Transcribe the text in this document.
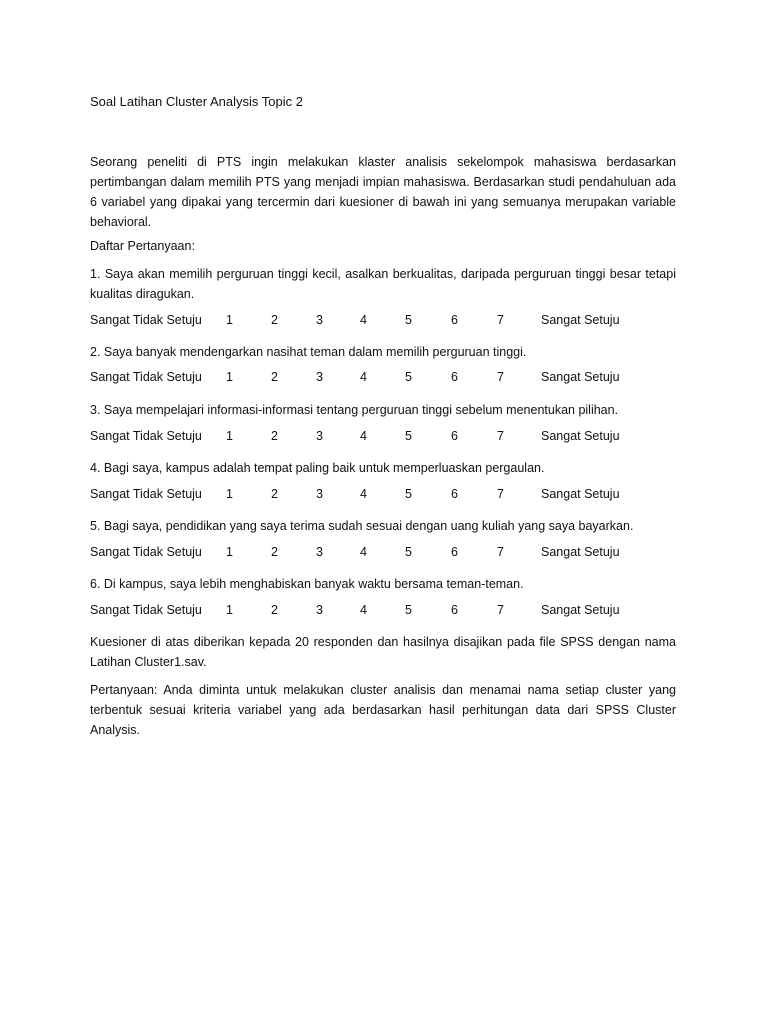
Soal Latihan Cluster Analysis Topic 2

Seorang peneliti di PTS ingin melakukan klaster analisis sekelompok mahasiswa berdasarkan pertimbangan dalam memilih PTS yang menjadi impian mahasiswa. Berdasarkan studi pendahuluan ada 6 variabel yang dipakai yang tercermin dari kuesioner di bawah ini yang semuanya merupakan variable behavioral.

Daftar Pertanyaan:

1. Saya akan memilih perguruan tinggi kecil, asalkan berkualitas, daripada perguruan tinggi besar tetapi kualitas diragukan.

Sangat Tidak Setuju 1	2	3	4	5	6	7	Sangat Setuju
2. Saya banyak mendengarkan nasihat teman dalam memilih perguruan tinggi.
Sangat Tidak Setuju 1	2	3	4	5	6	7	Sangat Setuju
3. Saya mempelajari informasi-informasi tentang perguruan tinggi sebelum menentukan pilihan.
Sangat Tidak Setuju 1	2	3	4	5	6	7	Sangat Setuju
4. Bagi saya, kampus adalah tempat paling baik untuk memperluaskan pergaulan.
Sangat Tidak Setuju 1	2	3	4	5	6	7	Sangat Setuju
5. Bagi saya, pendidikan yang saya terima sudah sesuai dengan uang kuliah yang saya bayarkan.
Sangat Tidak Setuju 1	2	3	4	5	6	7	Sangat Setuju
6. Di kampus, saya lebih menghabiskan banyak waktu bersama teman-teman.
Sangat Tidak Setuju 1	2	3	4	5	6	7	Sangat Setuju

Kuesioner di atas diberikan kepada 20 responden dan hasilnya disajikan pada file SPSS dengan nama Latihan Cluster1.sav.

Pertanyaan: Anda diminta untuk melakukan cluster analisis dan menamai nama setiap cluster yang terbentuk sesuai kriteria variabel yang ada berdasarkan hasil perhitungan data dari SPSS Cluster Analysis.
